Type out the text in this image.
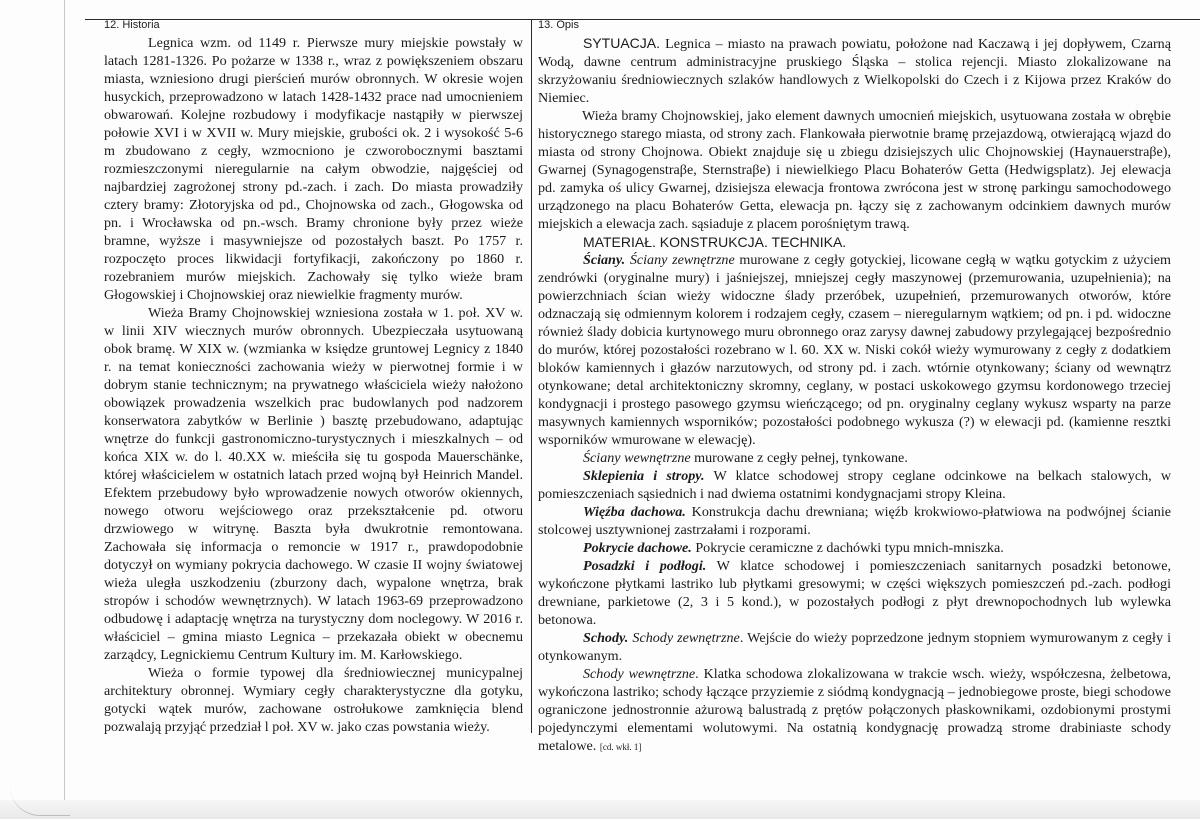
12. Historia	13. Opis

Legnica wzm. od 1149 r. Pierwsze mury miejskie powstały w latach 1281-1326. Po pożarze w 1338 r., wraz z powiększeniem obszaru miasta, wzniesiono drugi pierścień murów obronnych. W okresie wojen husyckich, przeprowadzono w latach 1428-1432 prace nad umocnieniem obwarowań. Kolejne rozbudowy i modyfikacje nastąpiły w pierwszej połowie XVI i w XVII w. Mury miejskie, grubości ok. 2 i wysokość 5-6 m zbudowano z cegły, wzmocniono je czworobocznymi basztami rozmieszczonymi nieregularnie na całym obwodzie, najgęściej od najbardziej zagrożonej strony pd.-zach. i zach. Do miasta prowadziły cztery bramy: Złotoryjska od pd., Chojnowska od zach., Głogowska od pn. i Wrocławska od pn.-wsch. Bramy chronione były przez wieże bramne, wyższe i masywniejsze od pozostałych baszt. Po 1757 r. rozpoczęto proces likwidacji fortyfikacji, zakończony po 1860 r. rozebraniem murów miejskich. Zachowały się tylko wieże bram Głogowskiej i Chojnowskiej oraz niewielkie fragmenty murów.

Wieża Bramy Chojnowskiej wzniesiona została w 1. poł. XV w. w linii XIV wiecznych murów obronnych. Ubezpieczała usytuowaną obok bramę. W XIX w. (wzmianka w księdze gruntowej Legnicy z 1840 r. na temat konieczności zachowania wieży w pierwotnej formie i w dobrym stanie technicznym; na prywatnego właściciela wieży nałożono obowiązek prowadzenia wszelkich prac budowlanych pod nadzorem konserwatora zabytków w Berlinie ) basztę przebudowano, adaptując wnętrze do funkcji gastronomiczno-turystycznych i mieszkalnych – od końca XIX w. do l. 40.XX w. mieściła się tu gospoda Mauerschänke, której właścicielem w ostatnich latach przed wojną był Heinrich Mandel. Efektem przebudowy było wprowadzenie nowych otworów okiennych, nowego otworu wejściowego oraz przekształcenie pd. otworu drzwiowego w witrynę. Baszta była dwukrotnie remontowana. Zachowała się informacja o remoncie w 1917 r., prawdopodobnie dotyczył on wymiany pokrycia dachowego. W czasie II wojny światowej wieża uległa uszkodzeniu (zburzony dach, wypalone wnętrza, brak stropów i schodów wewnętrznych). W latach 1963-69 przeprowadzono odbudowę i adaptację wnętrza na turystyczny dom noclegowy. W 2016 r. właściciel – gmina miasto Legnica – przekazała obiekt w obecnemu zarządcy, Legnickiemu Centrum Kultury im. M. Karłowskiego.

Wieża o formie typowej dla średniowiecznej municypalnej architektury obronnej. Wymiary cegły charakterystyczne dla gotyku, gotycki wątek murów, zachowane ostrołukowe zamknięcia blend pozwalają przyjąć przedział l poł. XV w. jako czas powstania wieży.

SYTUACJA. Legnica – miasto na prawach powiatu, położone nad Kaczawą i jej dopływem, Czarną Wodą, dawne centrum administracyjne pruskiego Śląska – stolica rejencji. Miasto zlokalizowane na skrzyżowaniu średniowiecznych szlaków handlowych z Wielkopolski do Czech i z Kijowa przez Kraków do Niemiec.

Wieża bramy Chojnowskiej, jako element dawnych umocnień miejskich, usytuowana została w obrębie historycznego starego miasta, od strony zach. Flankowała pierwotnie bramę przejazdową, otwierającą wjazd do miasta od strony Chojnowa. Obiekt znajduje się u zbiegu dzisiejszych ulic Chojnowskiej (Haynauerstraβe), Gwarnej (Synagogenstraβe, Sternstraβe) i niewielkiego Placu Bohaterów Getta (Hedwigsplatz). Jej elewacja pd. zamyka oś ulicy Gwarnej, dzisiejsza elewacja frontowa zwrócona jest w stronę parkingu samochodowego urządzonego na placu Bohaterów Getta, elewacja pn. łączy się z zachowanym odcinkiem dawnych murów miejskich a elewacja zach. sąsiaduje z placem porośniętym trawą.

MATERIAŁ. KONSTRUKCJA. TECHNIKA.

Ściany. Ściany zewnętrzne murowane z cegły gotyckiej, licowane cegłą w wątku gotyckim z użyciem zendrówki (oryginalne mury) i jaśniejszej, mniejszej cegły maszynowej (przemurowania, uzupełnienia); na powierzchniach ścian wieży widoczne ślady przeróbek, uzupełnień, przemurowanych otworów, które odznaczają się odmiennym kolorem i rodzajem cegły, czasem – nieregularnym wątkiem; od pn. i pd. widoczne również ślady dobicia kurtynowego muru obronnego oraz zarysy dawnej zabudowy przylegającej bezpośrednio do murów, której pozostałości rozebrano w l. 60. XX w. Niski cokół wieży wymurowany z cegły z dodatkiem bloków kamiennych i głazów narzutowych, od strony pd. i zach. wtórnie otynkowany; ściany od wewnątrz otynkowane; detal architektoniczny skromny, ceglany, w postaci uskokowego gzymsu kordonowego trzeciej kondygnacji i prostego pasowego gzymsu wieńczącego; od pn. oryginalny ceglany wykusz wsparty na parze masywnych kamiennych wsporników; pozostałości podobnego wykusza (?) w elewacji pd. (kamienne resztki wsporników wmurowane w elewację).

Ściany wewnętrzne murowane z cegły pełnej, tynkowane.

Sklepienia i stropy. W klatce schodowej stropy ceglane odcinkowe na belkach stalowych, w pomieszczeniach sąsiednich i nad dwiema ostatnimi kondygnacjami stropy Kleina.

Więźba dachowa. Konstrukcja dachu drewniana; więźb krokwiowo-płatwiowa na podwójnej ścianie stolcowej usztywnionej zastrzałami i rozporami.

Pokrycie dachowe. Pokrycie ceramiczne z dachówki typu mnich-mniszka.

Posadzki i podłogi. W klatce schodowej i pomieszczeniach sanitarnych posadzki betonowe, wykończone płytkami lastriko lub płytkami gresowymi; w części większych pomieszczeń pd.-zach. podłogi drewniane, parkietowe (2, 3 i 5 kond.), w pozostałych podłogi z płyt drewnopochodnych lub wylewka betonowa.

Schody. Schody zewnętrzne. Wejście do wieży poprzedzone jednym stopniem wymurowanym z cegły i otynkowanym.

Schody wewnętrzne. Klatka schodowa zlokalizowana w trakcie wsch. wieży, współczesna, żelbetowa, wykończona lastriko; schody łączące przyziemie z siódmą kondygnacją – jednobiegowe proste, biegi schodowe ograniczone jednostronnie ażurową balustradą z prętów połączonych płaskownikami, ozdobionymi prostymi pojedynczymi elementami wolutowymi. Na ostatnią kondygnację prowadzą strome drabiniaste schody metalowe. [cd. wkł. 1]
